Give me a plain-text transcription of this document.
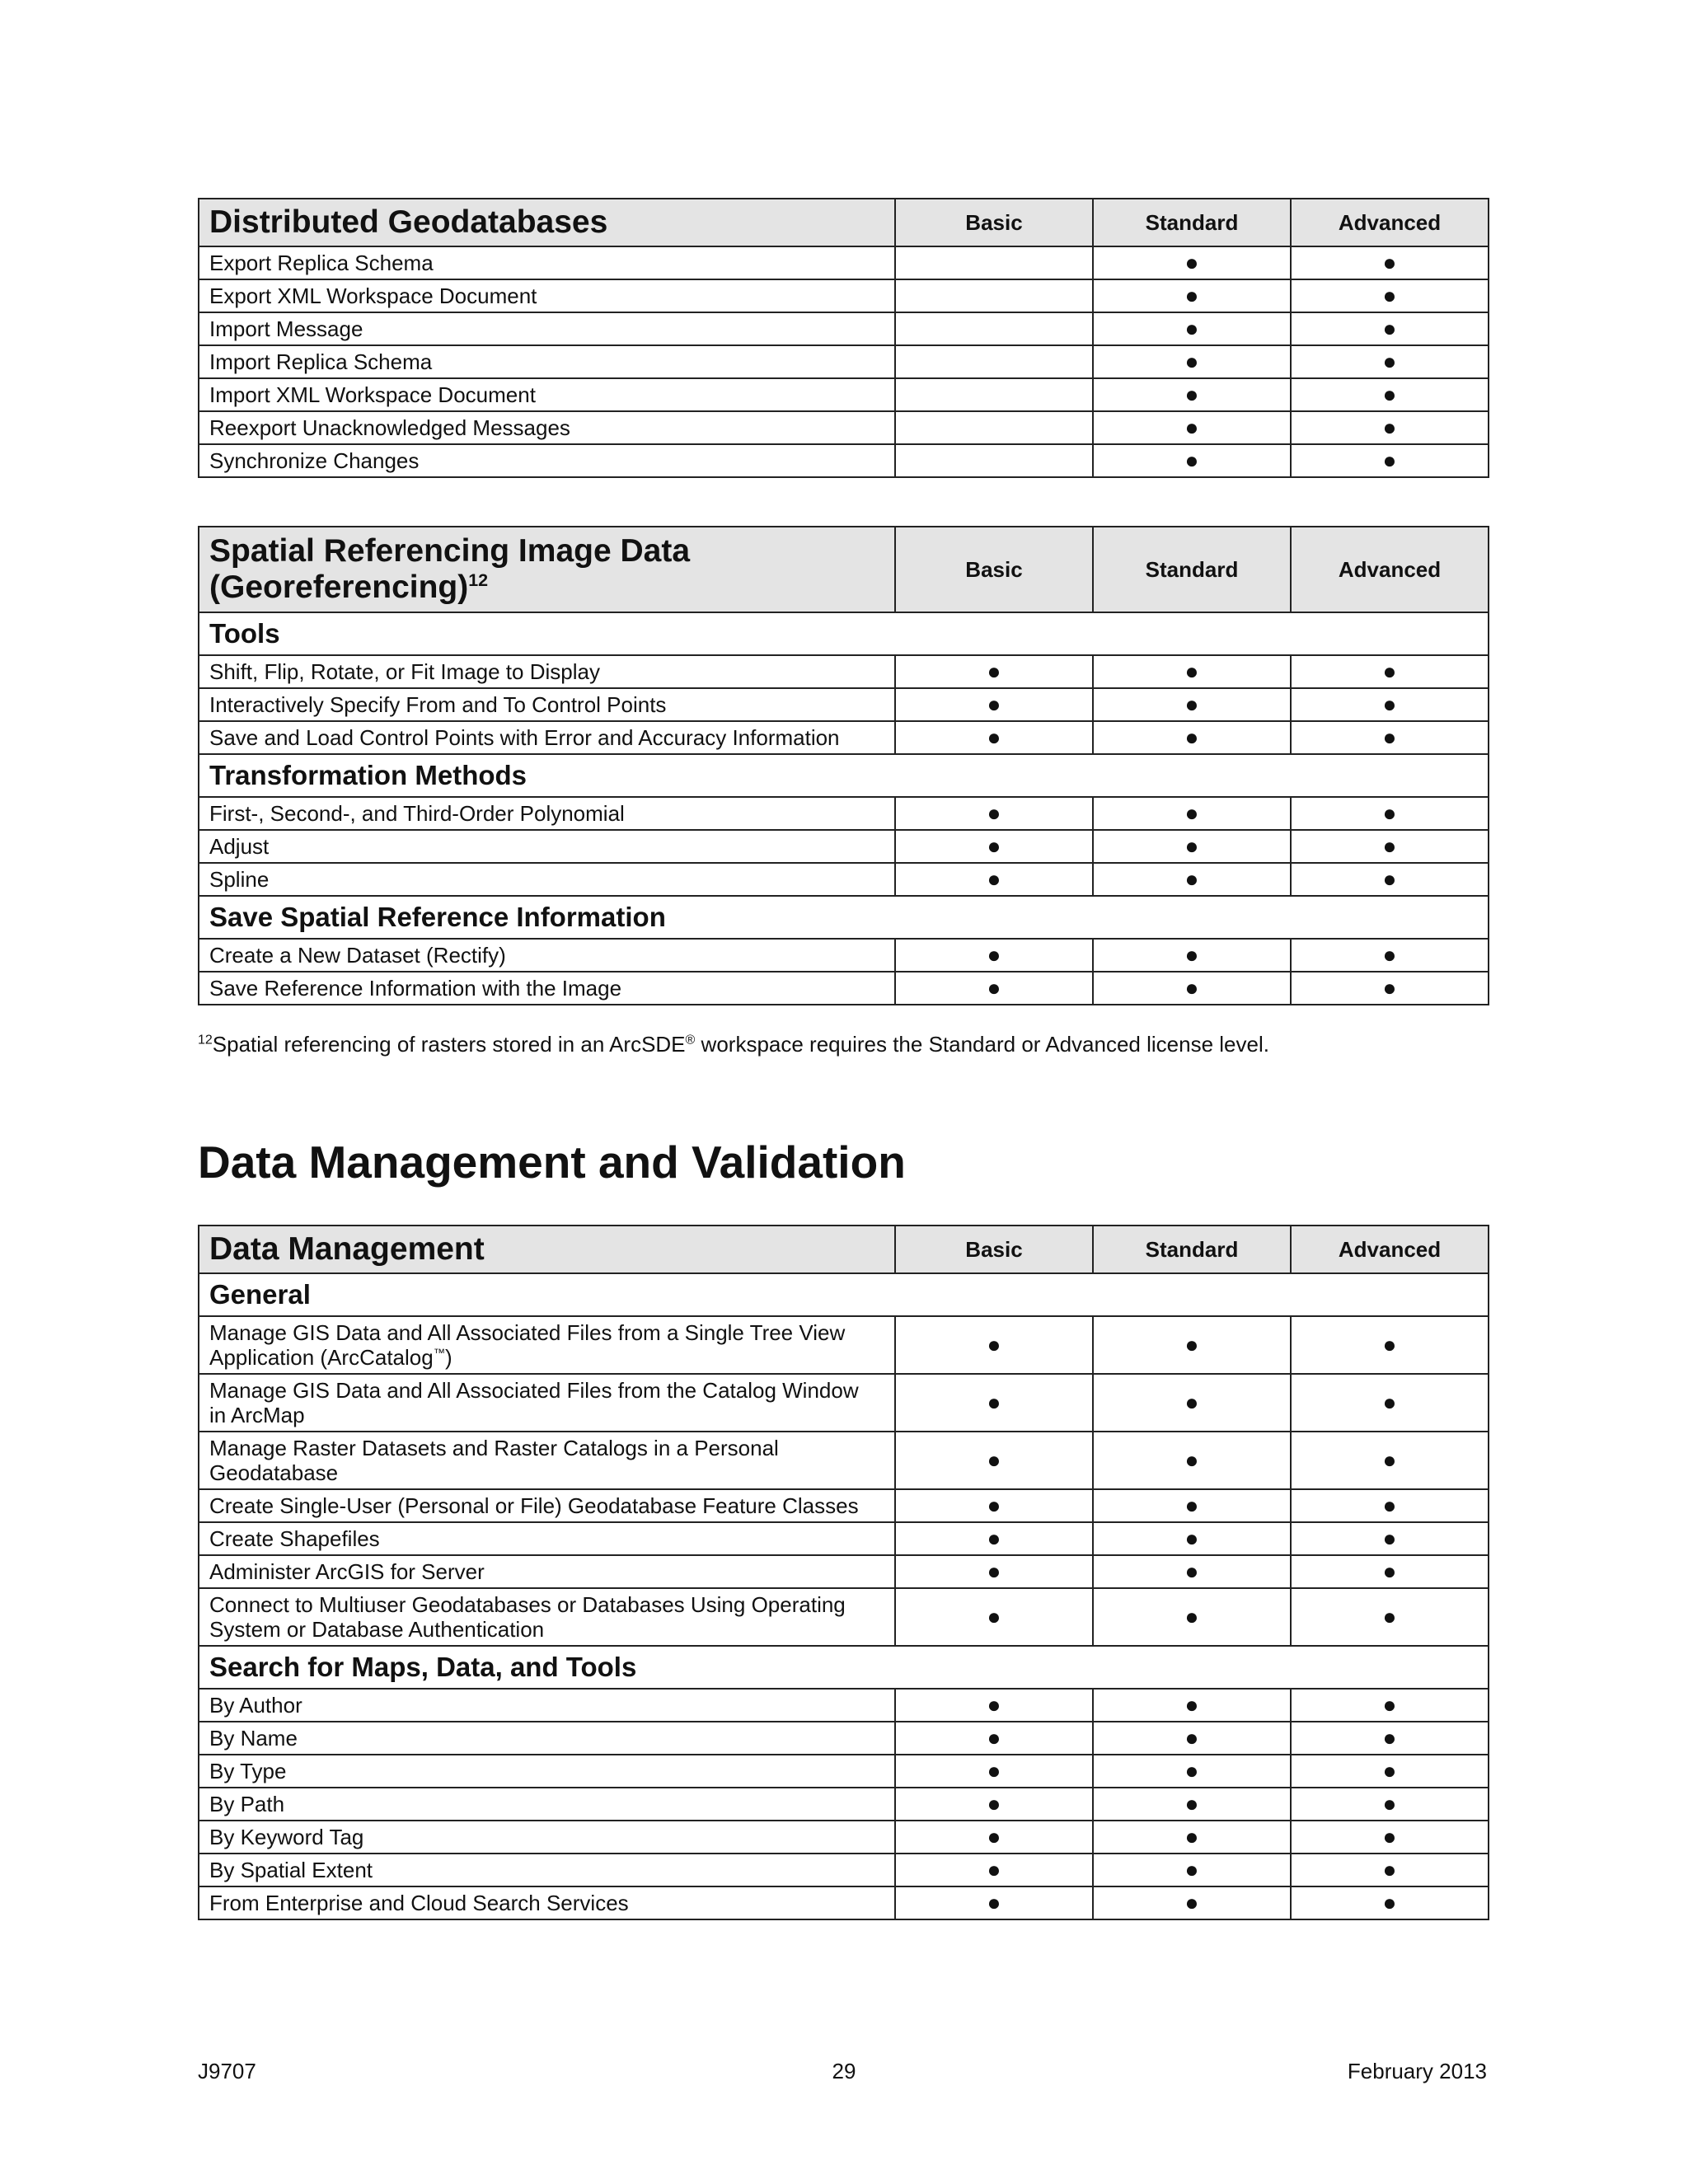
Distributed Geodatabases	Basic	Standard	Advanced
Export Replica Schema		●	●
Export XML Workspace Document		●	●
Import Message		●	●
Import Replica Schema		●	●
Import XML Workspace Document		●	●
Reexport Unacknowledged Messages		●	●
Synchronize Changes		●	●
Spatial Referencing Image Data
(Georeferencing)$^{12}$	Basic	Standard	Advanced
Tools			
Shift, Flip, Rotate, or Fit Image to Display	●	●	●
Interactively Specify From and To Control Points	●	●	●
Save and Load Control Points with Error and Accuracy Information	●	●	●
Transformation Methods			
First-, Second-, and Third-Order Polynomial	●	●	●
Adjust	●	●	●
Spline	●	●	●
Save Spatial Reference Information			
Create a New Dataset (Rectify)	●	●	●
Save Reference Information with the Image	●	●	●
$^{12}$Spatial referencing of rasters stored in an ArcSDE® workspace requires the Standard or Advanced license level.
Data Management and Validation
Data Management	Basic	Standard	Advanced
General			
Manage GIS Data and All Associated Files from a Single Tree View
Application (ArcCatalog™)	●	●	●
Manage GIS Data and All Associated Files from the Catalog Window
in ArcMap	●	●	●
Manage Raster Datasets and Raster Catalogs in a Personal
Geodatabase	●	●	●
Create Single-User (Personal or File) Geodatabase Feature Classes	●	●	●
Create Shapefiles	●	●	●
Administer ArcGIS for Server	●	●	●
Connect to Multiuser Geodatabases or Databases Using Operating
System or Database Authentication	●	●	●
Search for Maps, Data, and Tools			
By Author	●	●	●
By Name	●	●	●
By Type	●	●	●
By Path	●	●	●
By Keyword Tag	●	●	●
By Spatial Extent	●	●	●
From Enterprise and Cloud Search Services	●	●	●
J9707	29	February 2013
